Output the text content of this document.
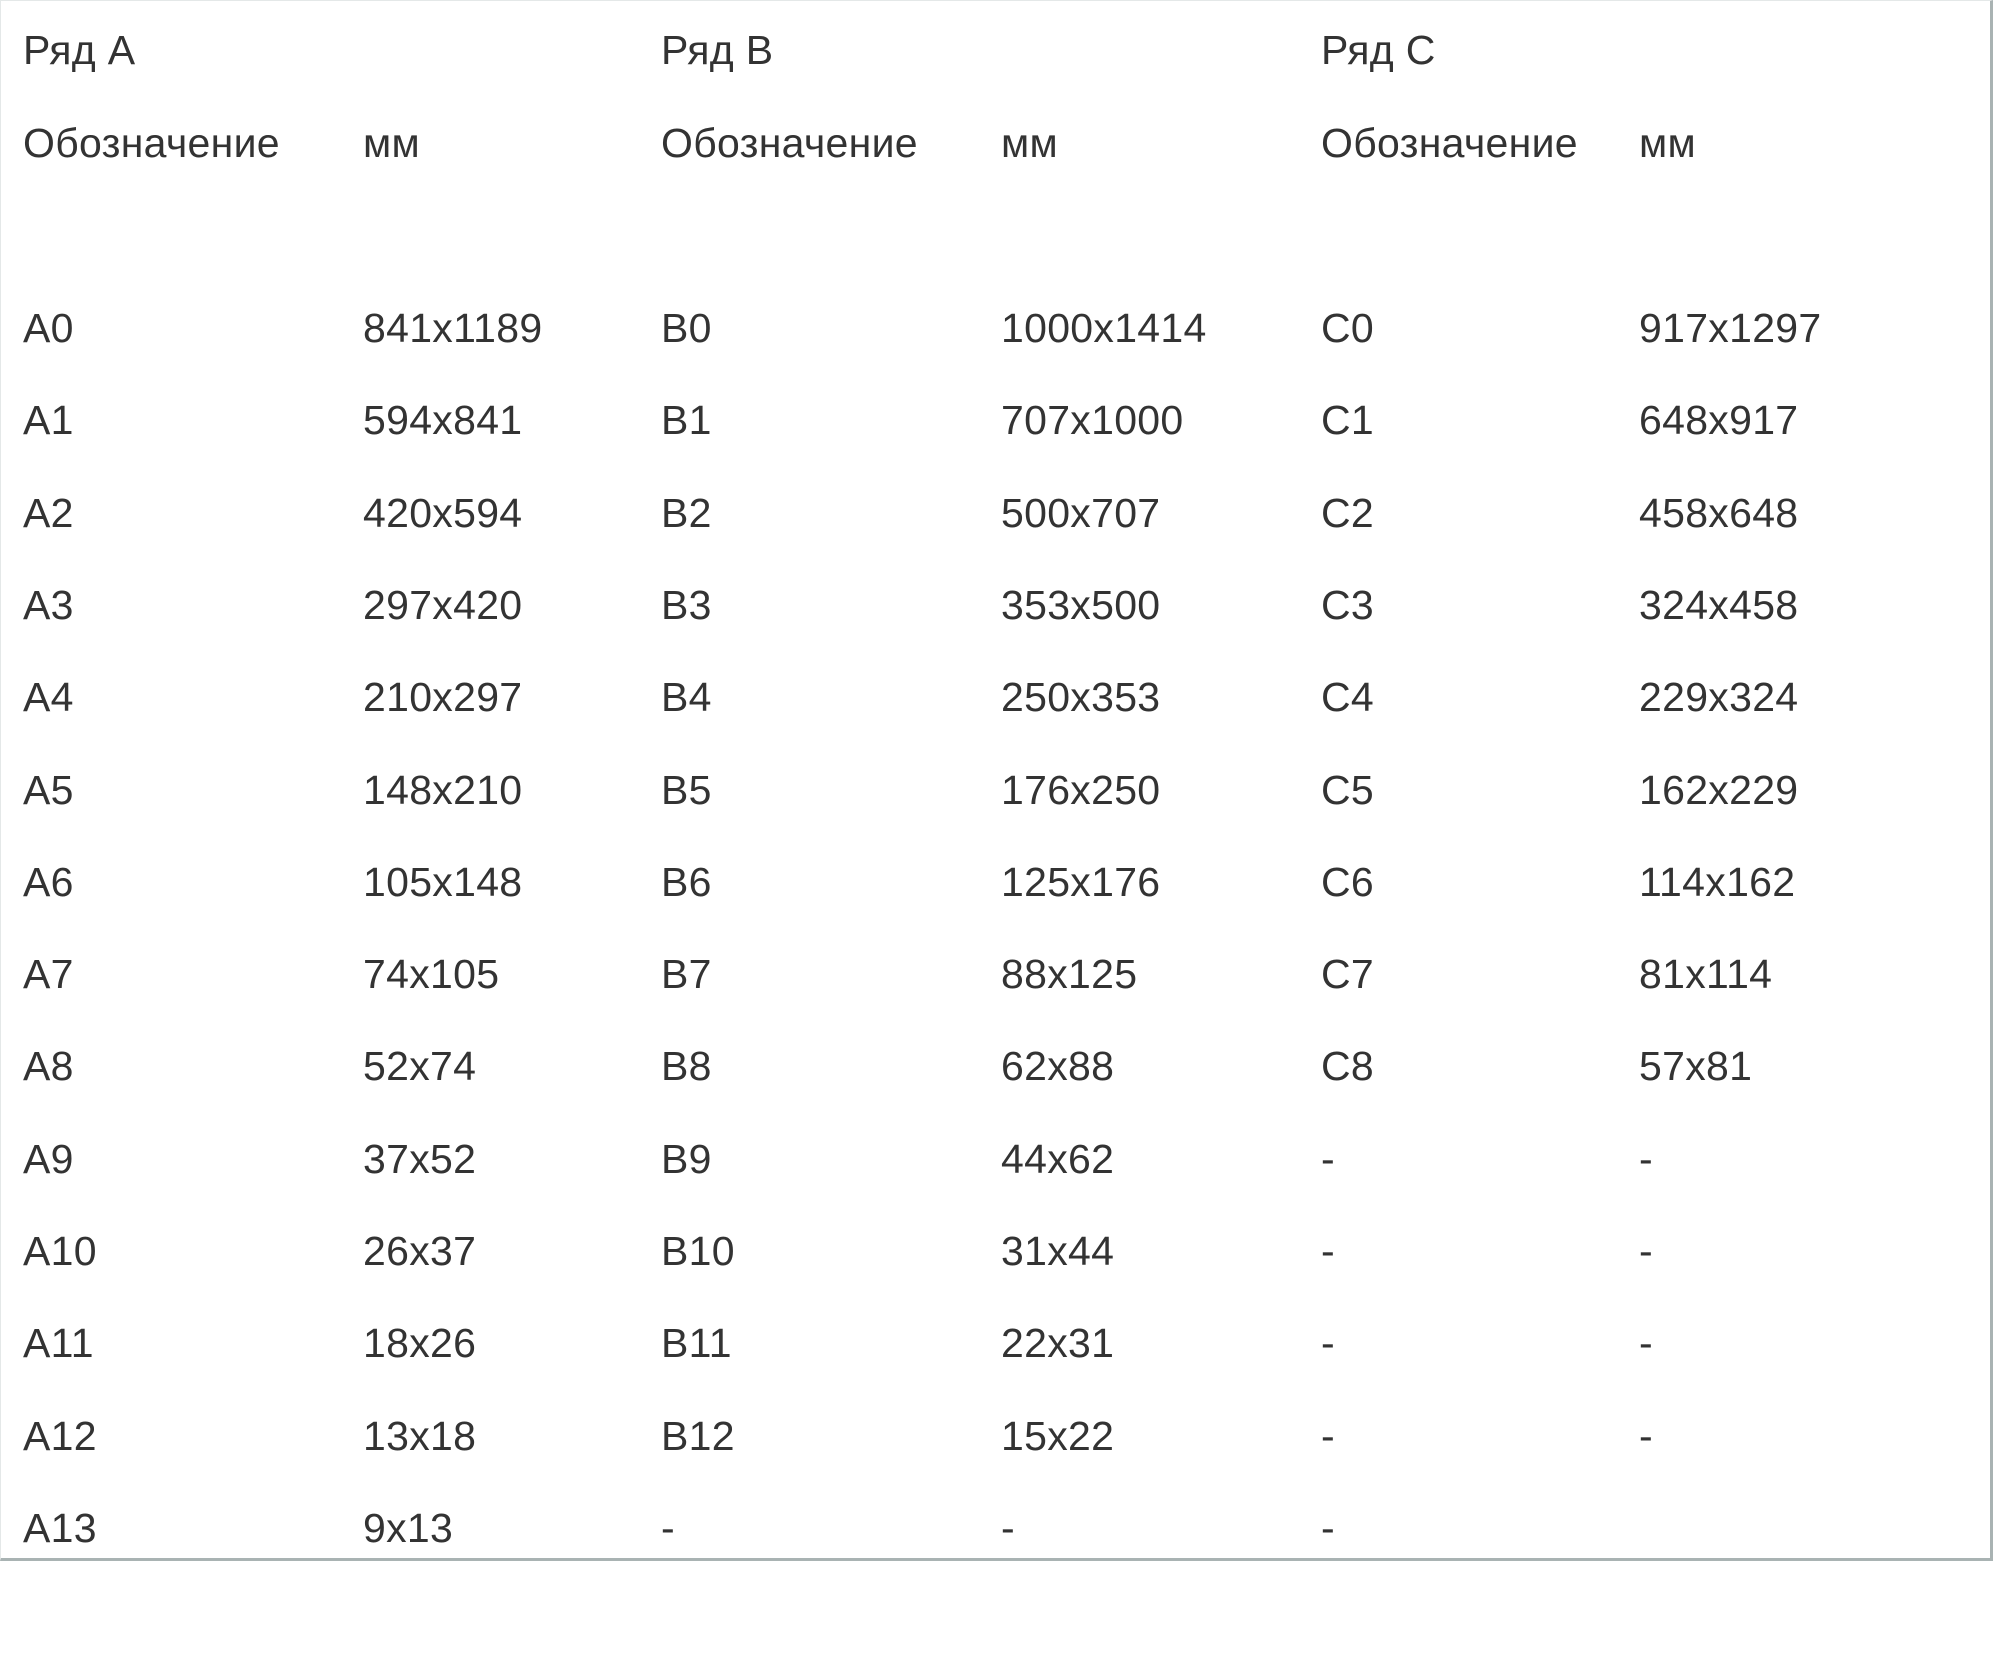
Ряд A	Ряд B	Ряд C
Обозначение мм	Обозначение мм	Обозначение мм
A0	841x1189	B0	1000x1414	C0	917x1297
A1	594x841	B1	707x1000	C1	648x917
A2	420x594	B2	500x707	C2	458x648
A3	297x420	B3	353x500	C3	324x458
A4	210x297	B4	250x353	C4	229x324
A5	148x210	B5	176x250	C5	162x229
A6	105x148	B6	125x176	C6	114x162
A7	74x105	B7	88x125	C7	81x114
A8	52x74	B8	62x88	C8	57x81
A9	37x52	B9	44x62	-	-
A10	26x37	B10	31x44	-	-
A11	18x26	B11	22x31	-	-
A12	13x18	B12	15x22	-	-
A13	9x13	-	-	-
